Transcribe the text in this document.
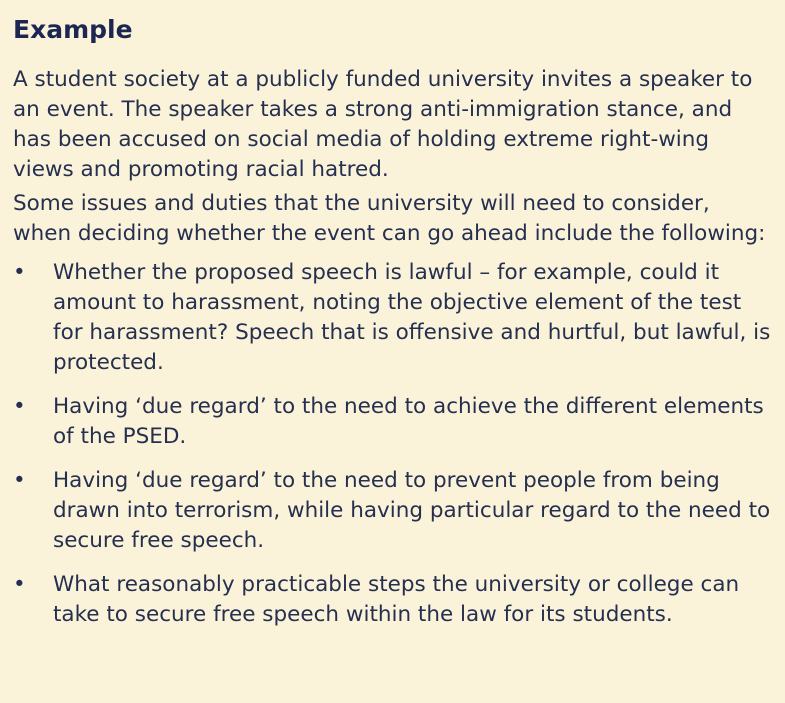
Example

A student society at a publicly funded university invites a speaker to an event. The speaker takes a strong anti-immigration stance, and has been accused on social media of holding extreme right-wing views and promoting racial hatred.

Some issues and duties that the university will need to consider, when deciding whether the event can go ahead include the following:

• Whether the proposed speech is lawful – for example, could it amount to harassment, noting the objective element of the test for harassment? Speech that is offensive and hurtful, but lawful, is protected.
• Having ‘due regard’ to the need to achieve the different elements of the PSED.
• Having ‘due regard’ to the need to prevent people from being drawn into terrorism, while having particular regard to the need to secure free speech.
• What reasonably practicable steps the university or college can take to secure free speech within the law for its students.
